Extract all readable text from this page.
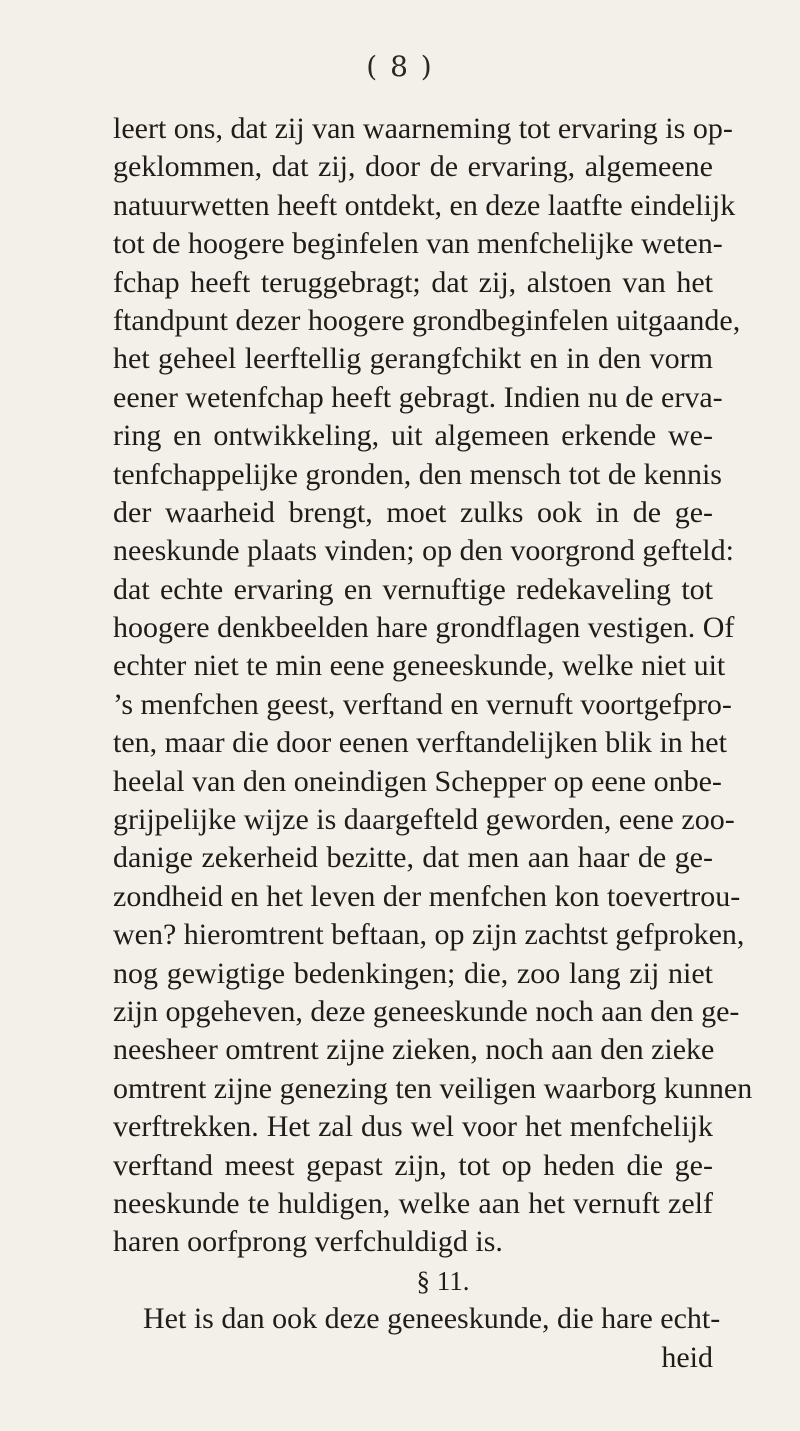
( 8 )
leert ons, dat zij van waarneming tot ervaring is op-
geklommen, dat zij, door de ervaring, algemeene
natuurwetten heeft ontdekt, en deze laatfte eindelijk
tot de hoogere beginfelen van menfchelijke weten-
fchap heeft teruggebragt; dat zij, alstoen van het
ftandpunt dezer hoogere grondbeginfelen uitgaande,
het geheel leerftellig gerangfchikt en in den vorm
eener wetenfchap heeft gebragt. Indien nu de erva-
ring en ontwikkeling, uit algemeen erkende we-
tenfchappelijke gronden, den mensch tot de kennis
der waarheid brengt, moet zulks ook in de ge-
neeskunde plaats vinden; op den voorgrond gefteld:
dat echte ervaring en vernuftige redekaveling tot
hoogere denkbeelden hare grondflagen vestigen. Of
echter niet te min eene geneeskunde, welke niet uit
’s menfchen geest, verftand en vernuft voortgefpro-
ten, maar die door eenen verftandelijken blik in het
heelal van den oneindigen Schepper op eene onbe-
grijpelijke wijze is daargefteld geworden, eene zoo-
danige zekerheid bezitte, dat men aan haar de ge-
zondheid en het leven der menfchen kon toevertrou-
wen? hieromtrent beftaan, op zijn zachtst gefproken,
nog gewigtige bedenkingen; die, zoo lang zij niet
zijn opgeheven, deze geneeskunde noch aan den ge-
neesheer omtrent zijne zieken, noch aan den zieke
omtrent zijne genezing ten veiligen waarborg kunnen
verftrekken. Het zal dus wel voor het menfchelijk
verftand meest gepast zijn, tot op heden die ge-
neeskunde te huldigen, welke aan het vernuft zelf
haren oorfprong verfchuldigd is.
§ 11.
Het is dan ook deze geneeskunde, die hare echt-
heid
